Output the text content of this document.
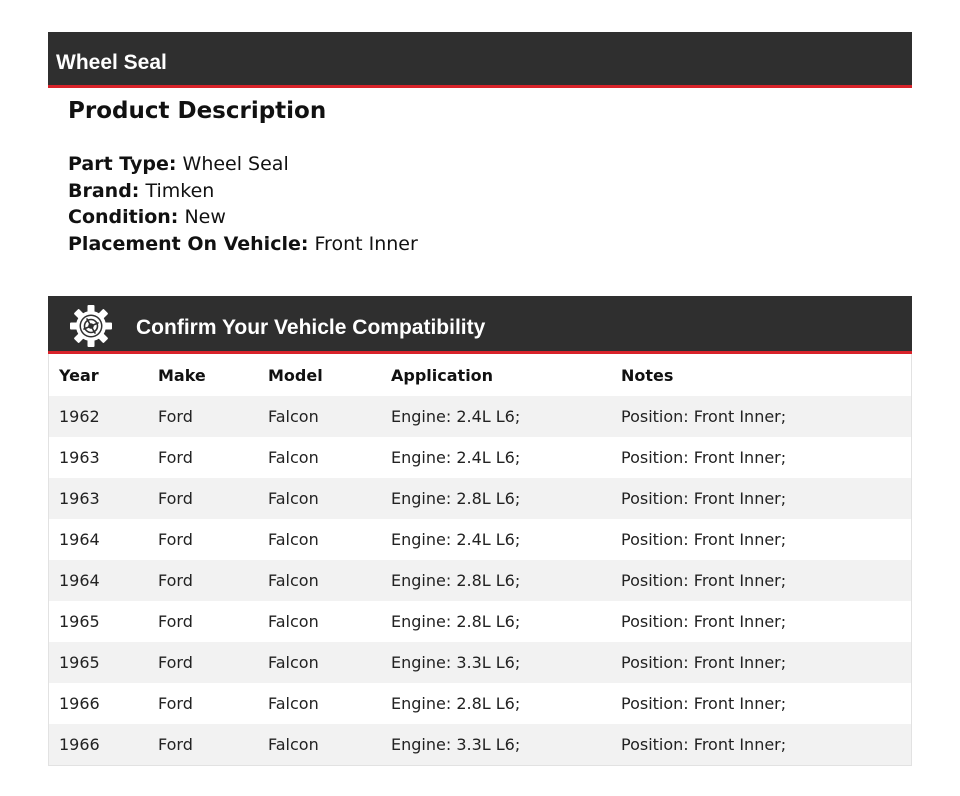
Wheel Seal
Product Description
Part Type: Wheel Seal
Brand: Timken
Condition: New
Placement On Vehicle: Front Inner
Confirm Your Vehicle Compatibility
Year	Make	Model	Application	Notes
1962	Ford	Falcon	Engine: 2.4L L6;	Position: Front Inner;
1963	Ford	Falcon	Engine: 2.4L L6;	Position: Front Inner;
1963	Ford	Falcon	Engine: 2.8L L6;	Position: Front Inner;
1964	Ford	Falcon	Engine: 2.4L L6;	Position: Front Inner;
1964	Ford	Falcon	Engine: 2.8L L6;	Position: Front Inner;
1965	Ford	Falcon	Engine: 2.8L L6;	Position: Front Inner;
1965	Ford	Falcon	Engine: 3.3L L6;	Position: Front Inner;
1966	Ford	Falcon	Engine: 2.8L L6;	Position: Front Inner;
1966	Ford	Falcon	Engine: 3.3L L6;	Position: Front Inner;
